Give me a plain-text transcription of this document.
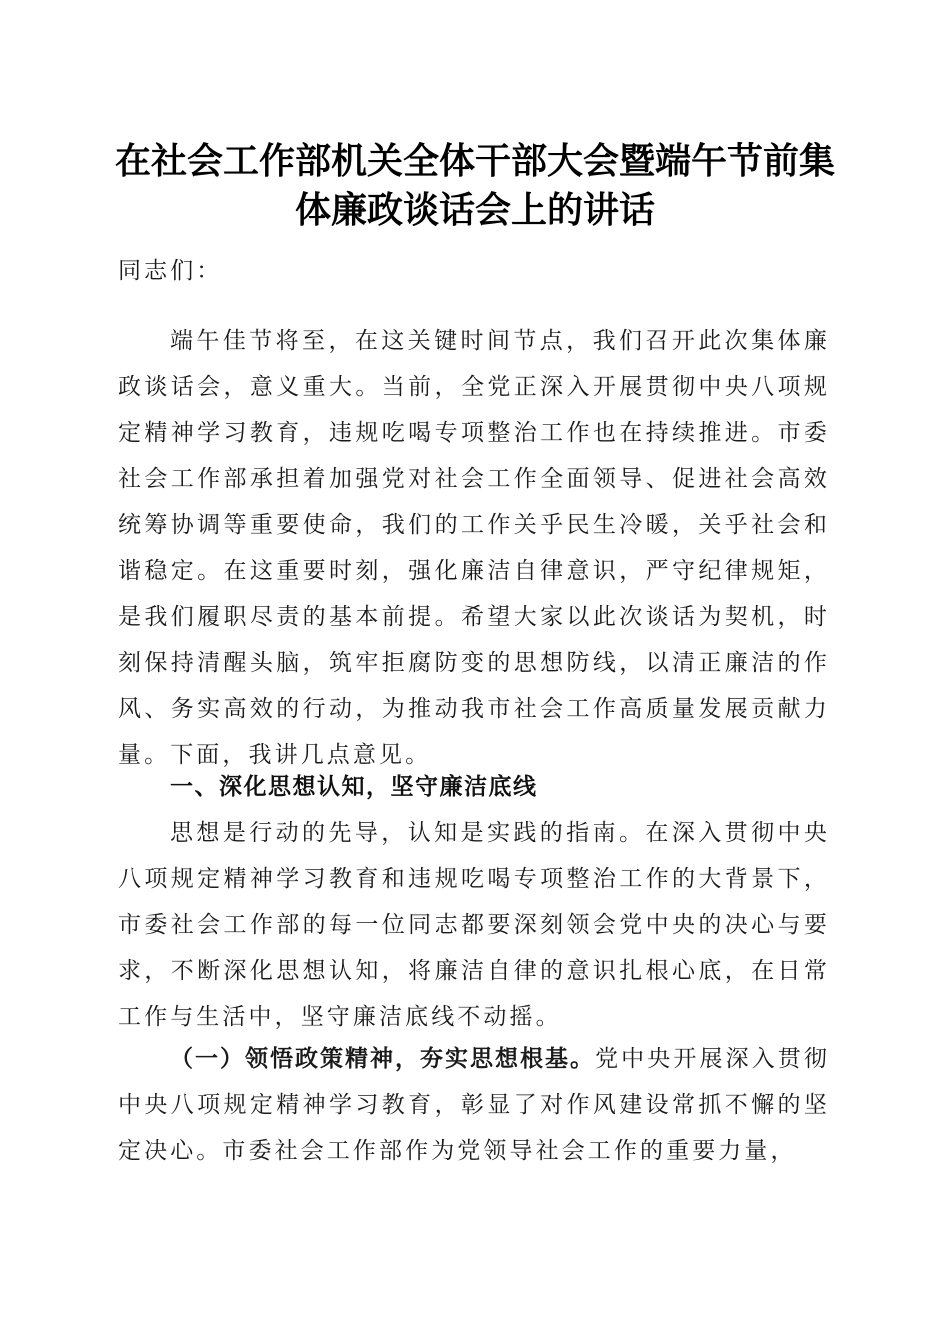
在社会工作部机关全体干部大会暨端午节前集
体廉政谈话会上的讲话

同志们：

端午佳节将至，在这关键时间节点，我们召开此次集体廉政谈话会，意义重大。当前，全党正深入开展贯彻中央八项规定精神学习教育，违规吃喝专项整治工作也在持续推进。市委社会工作部承担着加强党对社会工作全面领导、促进社会高效统筹协调等重要使命，我们的工作关乎民生冷暖，关乎社会和谐稳定。在这重要时刻，强化廉洁自律意识，严守纪律规矩，是我们履职尽责的基本前提。希望大家以此次谈话为契机，时刻保持清醒头脑，筑牢拒腐防变的思想防线，以清正廉洁的作风、务实高效的行动，为推动我市社会工作高质量发展贡献力量。下面，我讲几点意见。

一、深化思想认知，坚守廉洁底线

思想是行动的先导，认知是实践的指南。在深入贯彻中央八项规定精神学习教育和违规吃喝专项整治工作的大背景下，市委社会工作部的每一位同志都要深刻领会党中央的决心与要求，不断深化思想认知，将廉洁自律的意识扎根心底，在日常工作与生活中，坚守廉洁底线不动摇。

（一）领悟政策精神，夯实思想根基。党中央开展深入贯彻中央八项规定精神学习教育，彰显了对作风建设常抓不懈的坚定决心。市委社会工作部作为党领导社会工作的重要力量，
